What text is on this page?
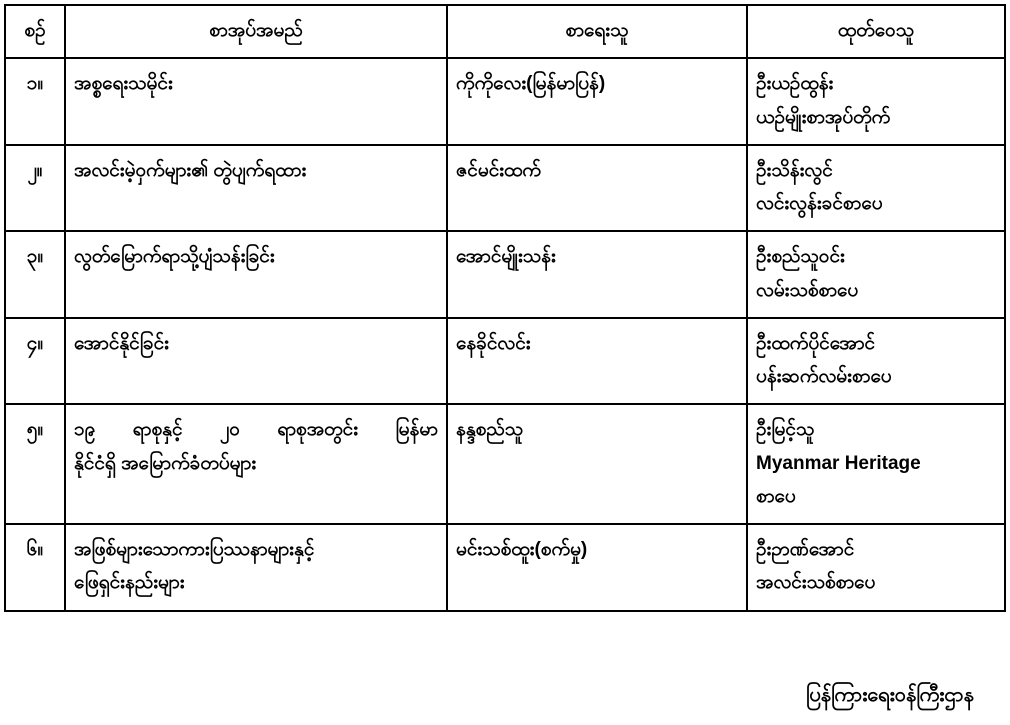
စဉ်	စာအုပ်အမည်	စာရေးသူ	ထုတ်ဝေသူ
၁။	အစ္စရေးသမိုင်း	ကိုကိုလေး(မြန်မာပြန်)	ဦးယဉ်ထွန်း
ယဉ်မျိုးစာအုပ်တိုက်

၂။	အလင်းမဲ့ဝှက်များ၏ တွဲပျက်ရထား	ဇင်မင်းထက်	ဦးသိန်းလွင်
လင်းလွန်းခင်စာပေ

၃။	လွတ်မြောက်ရာသို့ပျံသန်းခြင်း	အောင်မျိုးသန်း	ဦးစည်သူဝင်း
လမ်းသစ်စာပေ

၄။	အောင်နိုင်ခြင်း	နေခိုင်လင်း	ဦးထက်ပိုင်အောင်
ပန်းဆက်လမ်းစာပေ

၅။	၁၉ ရာစုနှင့် ၂၀ ရာစုအတွင်း မြန်မာ
နိုင်ငံရှိ အမြောက်ခံတပ်များ	နန္ဒစည်သူ	ဦးမြင့်သူ
Myanmar Heritage
စာပေ

၆။	အဖြစ်များသောကားပြဿနာများနှင့်
ဖြေရှင်းနည်းများ	မင်းသစ်ထူး(စက်မှု)	ဦးဉာဏ်အောင်
အလင်းသစ်စာပေ
ပြန်ကြားရေးဝန်ကြီးဌာန
